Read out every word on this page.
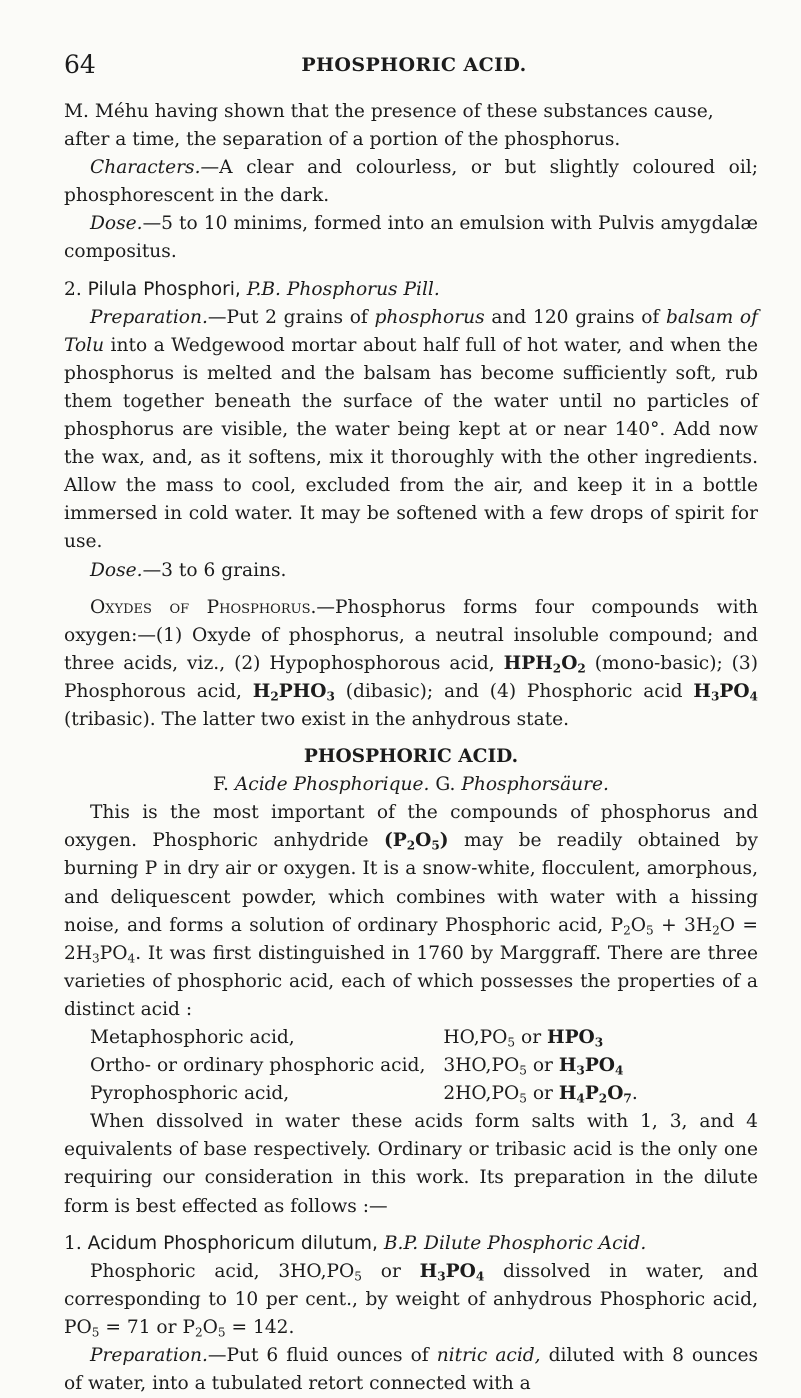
64	PHOSPHORIC ACID.

M. Méhu having shown that the presence of these substances cause,
after a time, the separation of a portion of the phosphorus.

Characters.—A clear and colourless, or but slightly coloured oil; phosphorescent in the dark.

Dose.—5 to 10 minims, formed into an emulsion with Pulvis amygdalæ compositus.

2. Pilula Phosphori, P.B. Phosphorus Pill.

Preparation.—Put 2 grains of phosphorus and 120 grains of balsam of Tolu into a Wedgewood mortar about half full of hot water, and when the phosphorus is melted and the balsam has become sufficiently soft, rub them together beneath the surface of the water until no particles of phosphorus are visible, the water being kept at or near 140°. Add now the wax, and, as it softens, mix it thoroughly with the other ingredients. Allow the mass to cool, excluded from the air, and keep it in a bottle immersed in cold water. It may be softened with a few drops of spirit for use.

Dose.—3 to 6 grains.

Oxydes of Phosphorus.—Phosphorus forms four compounds with oxygen:—(1) Oxyde of phosphorus, a neutral insoluble compound; and three acids, viz., (2) Hypophosphorous acid, $HPH_2O_2$ (mono-basic); (3) Phosphorous acid, $H_2PHO_3$ (dibasic); and (4) Phosphoric acid $H_3PO_4$ (tribasic). The latter two exist in the anhydrous state.

PHOSPHORIC ACID.

F. Acide Phosphorique. G. Phosphorsäure.

This is the most important of the compounds of phosphorus and oxygen. Phosphoric anhydride $(P_2O_5)$ may be readily obtained by burning P in dry air or oxygen. It is a snow-white, flocculent, amorphous, and deliquescent powder, which combines with water with a hissing noise, and forms a solution of ordinary Phosphoric acid, $P_2O_5 + 3H_2O = 2H_3PO_4$. It was first distinguished in 1760 by Marggraff. There are three varieties of phosphoric acid, each of which possesses the properties of a distinct acid :

Metaphosphoric acid,	$HO,PO_5$ or $HPO_3$
Ortho- or ordinary phosphoric acid,	$3HO,PO_5$ or $H_3PO_4$
Pyrophosphoric acid,	$2HO,PO_5$ or $H_4P_2O_7$.

When dissolved in water these acids form salts with 1, 3, and 4 equivalents of base respectively. Ordinary or tribasic acid is the only one requiring our consideration in this work. Its preparation in the dilute form is best effected as follows :—

1. Acidum Phosphoricum dilutum, B.P. Dilute Phosphoric Acid.

Phosphoric acid, $3HO,PO_5$ or $H_3PO_4$ dissolved in water, and corresponding to 10 per cent., by weight of anhydrous Phosphoric acid, $PO_5 = 71$ or $P_2O_5 = 142$.

Preparation.—Put 6 fluid ounces of nitric acid, diluted with 8 ounces of water, into a tubulated retort connected with a
